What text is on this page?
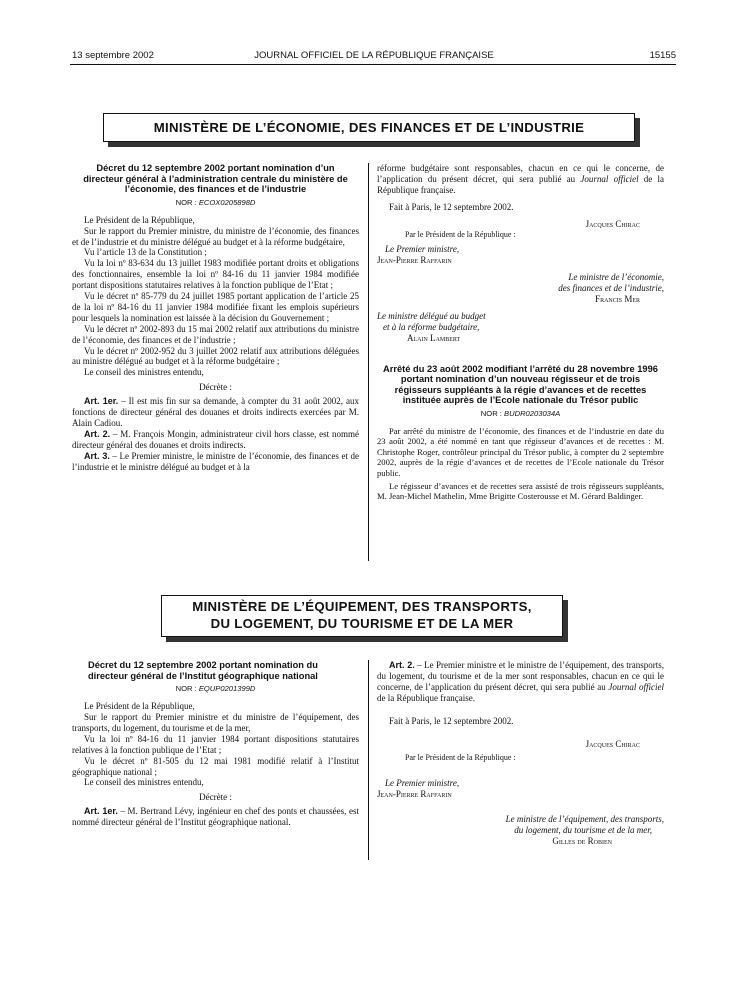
13 septembre 2002	JOURNAL OFFICIEL DE LA RÉPUBLIQUE FRANÇAISE	15155
MINISTÈRE DE L’ÉCONOMIE, DES FINANCES ET DE L’INDUSTRIE
Décret du 12 septembre 2002 portant nomination d’un directeur général à l’administration centrale du ministère de l’économie, des finances et de l’industrie
NOR : ECOX0205898D

Le Président de la République,

Sur le rapport du Premier ministre, du ministre de l’économie, des finances et de l’industrie et du ministre délégué au budget et à la réforme budgétaire,

Vu l’article 13 de la Constitution ;

Vu la loi nº 83-634 du 13 juillet 1983 modifiée portant droits et obligations des fonctionnaires, ensemble la loi nº 84-16 du 11 janvier 1984 modifiée portant dispositions statutaires relatives à la fonction publique de l’Etat ;

Vu le décret nº 85-779 du 24 juillet 1985 portant application de l’article 25 de la loi nº 84-16 du 11 janvier 1984 modifiée fixant les emplois supérieurs pour lesquels la nomination est laissée à la décision du Gouvernement ;

Vu le décret nº 2002-893 du 15 mai 2002 relatif aux attributions du ministre de l’économie, des finances et de l’industrie ;

Vu le décret nº 2002-952 du 3 juillet 2002 relatif aux attributions déléguées au ministre délégué au budget et à la réforme budgétaire ;

Le conseil des ministres entendu,

Décrète :

Art. 1er. – Il est mis fin sur sa demande, à compter du 31 août 2002, aux fonctions de directeur général des douanes et droits indirects exercées par M. Alain Cadiou.

Art. 2. – M. François Mongin, administrateur civil hors classe, est nommé directeur général des douanes et droits indirects.

Art. 3. – Le Premier ministre, le ministre de l’économie, des finances et de l’industrie et le ministre délégué au budget et à la

réforme budgétaire sont responsables, chacun en ce qui le concerne, de l’application du présent décret, qui sera publié au Journal officiel de la République française.

Fait à Paris, le 12 septembre 2002.

Jacques Chirac

Par le Président de la République :

Le Premier ministre,

Jean-Pierre Raffarin

Le ministre de l’économie,

des finances et de l’industrie,

Francis Mer

Le ministre délégué au budget

et à la réforme budgétaire,

Alain Lambert

Arrêté du 23 août 2002 modifiant l’arrêté du 28 novembre 1996 portant nomination d’un nouveau régisseur et de trois régisseurs suppléants à la régie d’avances et de recettes instituée auprès de l’Ecole nationale du Trésor public
NOR : BUDR0203034A

Par arrêté du ministre de l’économie, des finances et de l’industrie en date du 23 août 2002, a été nommé en tant que régisseur d’avances et de recettes : M. Christophe Roger, contrôleur principal du Trésor public, à compter du 2 septembre 2002, auprès de la régie d’avances et de recettes de l’Ecole nationale du Trésor public.

Le régisseur d’avances et de recettes sera assisté de trois régisseurs suppléants, M. Jean-Michel Mathelin, Mme Brigitte Costerousse et M. Gérard Baldinger.

MINISTÈRE DE L’ÉQUIPEMENT, DES TRANSPORTS,
DU LOGEMENT, DU TOURISME ET DE LA MER
Décret du 12 septembre 2002 portant nomination du directeur général de l’Institut géographique national
NOR : EQUP0201399D

Le Président de la République,

Sur le rapport du Premier ministre et du ministre de l’équipement, des transports, du logement, du tourisme et de la mer,

Vu la loi nº 84-16 du 11 janvier 1984 portant dispositions statutaires relatives à la fonction publique de l’Etat ;

Vu le décret nº 81-505 du 12 mai 1981 modifié relatif à l’Institut géographique national ;

Le conseil des ministres entendu,

Décrète :

Art. 1er. – M. Bertrand Lévy, ingénieur en chef des ponts et chaussées, est nommé directeur général de l’Institut géographique national.

Art. 2. – Le Premier ministre et le ministre de l’équipement, des transports, du logement, du tourisme et de la mer sont responsables, chacun en ce qui le concerne, de l’application du présent décret, qui sera publié au Journal officiel de la République française.

Fait à Paris, le 12 septembre 2002.

Jacques Chirac

Par le Président de la République :

Le Premier ministre,

Jean-Pierre Raffarin

Le ministre de l’équipement, des transports,

du logement, du tourisme et de la mer,

Gilles de Robien
